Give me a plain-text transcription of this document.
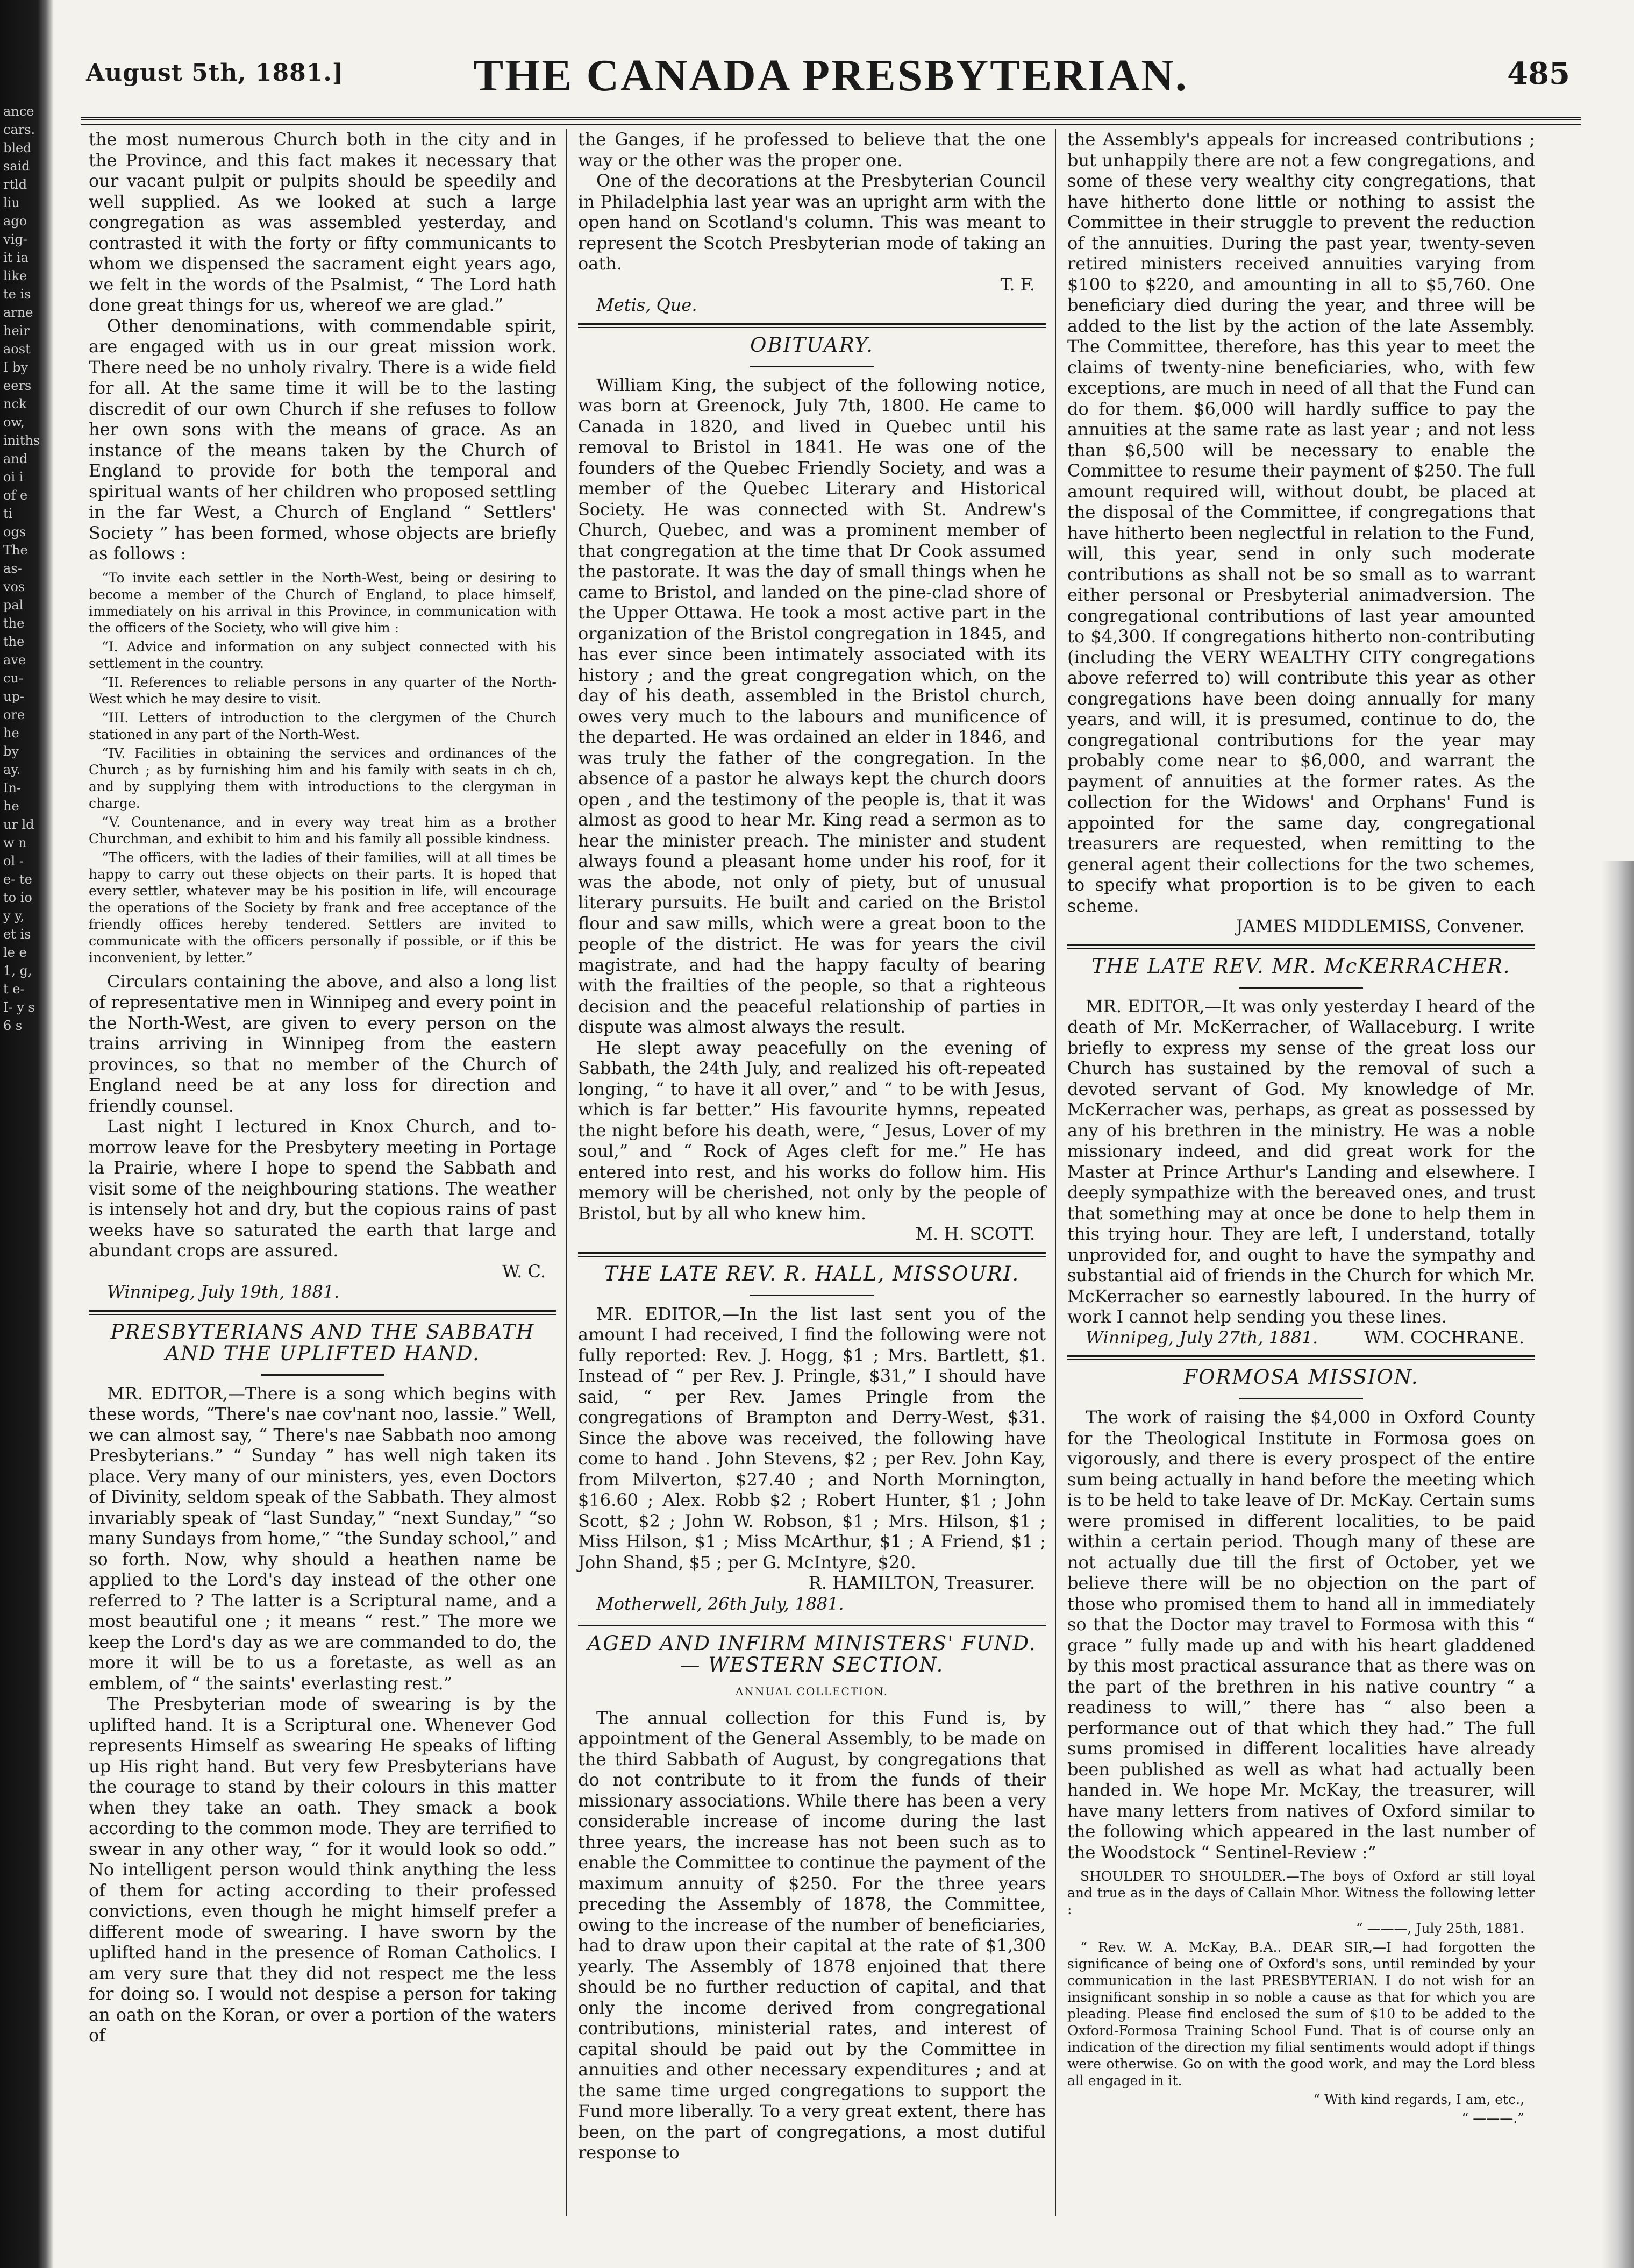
ance cars. bled said rtld liu ago vig- it ia like te is arne heir aost I by eers nck ow, iniths and oi i of e ti ogs The as- vos pal the the ave cu- up- ore he by ay. In- he ur ld w n ol -e- te to io y y, et is le e 1, g, t e- I- y s 6 s
August 5th, 1881.]	THE CANADA PRESBYTERIAN.	485

the most numerous Church both in the city and in the Province, and this fact makes it necessary that our vacant pulpit or pulpits should be speedily and well supplied. As we looked at such a large congregation as was assembled yesterday, and contrasted it with the forty or fifty communicants to whom we dispensed the sacrament eight years ago, we felt in the words of the Psalmist, “ The Lord hath done great things for us, whereof we are glad.”

Other denominations, with commendable spirit, are engaged with us in our great mission work. There need be no unholy rivalry. There is a wide field for all. At the same time it will be to the lasting discredit of our own Church if she refuses to follow her own sons with the means of grace. As an instance of the means taken by the Church of England to provide for both the temporal and spiritual wants of her children who proposed settling in the far West, a Church of England “ Settlers' Society ” has been formed, whose objects are briefly as follows :

“To invite each settler in the North-West, being or desiring to become a member of the Church of England, to place himself, immediately on his arrival in this Province, in communication with the officers of the Society, who will give him :

“I. Advice and information on any subject connected with his settlement in the country.

“II. References to reliable persons in any quarter of the North-West which he may desire to visit.

“III. Letters of introduction to the clergymen of the Church stationed in any part of the North-West.

“IV. Facilities in obtaining the services and ordinances of the Church ; as by furnishing him and his family with seats in ch ch, and by supplying them with introductions to the clergyman in charge.

“V. Countenance, and in every way treat him as a brother Churchman, and exhibit to him and his family all possible kindness.

“The officers, with the ladies of their families, will at all times be happy to carry out these objects on their parts. It is hoped that every settler, whatever may be his position in life, will encourage the operations of the Society by frank and free acceptance of the friendly offices hereby tendered. Settlers are invited to communicate with the officers personally if possible, or if this be inconvenient, by letter.”

Circulars containing the above, and also a long list of representative men in Winnipeg and every point in the North-West, are given to every person on the trains arriving in Winnipeg from the eastern provinces, so that no member of the Church of England need be at any loss for direction and friendly counsel.

Last night I lectured in Knox Church, and to-morrow leave for the Presbytery meeting in Portage la Prairie, where I hope to spend the Sabbath and visit some of the neighbouring stations. The weather is intensely hot and dry, but the copious rains of past weeks have so saturated the earth that large and abundant crops are assured.

W. C.
Winnipeg, July 19th, 1881.
PRESBYTERIANS AND THE SABBATH AND THE UPLIFTED HAND.

MR. EDITOR,—There is a song which begins with these words, “There's nae cov'nant noo, lassie.” Well, we can almost say, “ There's nae Sabbath noo among Presbyterians.” “ Sunday ” has well nigh taken its place. Very many of our ministers, yes, even Doctors of Divinity, seldom speak of the Sabbath. They almost invariably speak of “last Sunday,” “next Sunday,” “so many Sundays from home,” “the Sunday school,” and so forth. Now, why should a heathen name be applied to the Lord's day instead of the other one referred to ? The latter is a Scriptural name, and a most beautiful one ; it means “ rest.” The more we keep the Lord's day as we are commanded to do, the more it will be to us a foretaste, as well as an emblem, of “ the saints' everlasting rest.”

The Presbyterian mode of swearing is by the uplifted hand. It is a Scriptural one. Whenever God represents Himself as swearing He speaks of lifting up His right hand. But very few Presbyterians have the courage to stand by their colours in this matter when they take an oath. They smack a book according to the common mode. They are terrified to swear in any other way, “ for it would look so odd.” No intelligent person would think anything the less of them for acting according to their professed convictions, even though he might himself prefer a different mode of swearing. I have sworn by the uplifted hand in the presence of Roman Catholics. I am very sure that they did not respect me the less for doing so. I would not despise a person for taking an oath on the Koran, or over a portion of the waters of

the Ganges, if he professed to believe that the one way or the other was the proper one.

One of the decorations at the Presbyterian Council in Philadelphia last year was an upright arm with the open hand on Scotland's column. This was meant to represent the Scotch Presbyterian mode of taking an oath.

T. F.
Metis, Que.
OBITUARY.

William King, the subject of the following notice, was born at Greenock, July 7th, 1800. He came to Canada in 1820, and lived in Quebec until his removal to Bristol in 1841. He was one of the founders of the Quebec Friendly Society, and was a member of the Quebec Literary and Historical Society. He was connected with St. Andrew's Church, Quebec, and was a prominent member of that congregation at the time that Dr Cook assumed the pastorate. It was the day of small things when he came to Bristol, and landed on the pine-clad shore of the Upper Ottawa. He took a most active part in the organization of the Bristol congregation in 1845, and has ever since been intimately associated with its history ; and the great congregation which, on the day of his death, assembled in the Bristol church, owes very much to the labours and munificence of the departed. He was ordained an elder in 1846, and was truly the father of the congregation. In the absence of a pastor he always kept the church doors open , and the testimony of the people is, that it was almost as good to hear Mr. King read a sermon as to hear the minister preach. The minister and student always found a pleasant home under his roof, for it was the abode, not only of piety, but of unusual literary pursuits. He built and caried on the Bristol flour and saw mills, which were a great boon to the people of the district. He was for years the civil magistrate, and had the happy faculty of bearing with the frailties of the people, so that a righteous decision and the peaceful relationship of parties in dispute was almost always the result.

He slept away peacefully on the evening of Sabbath, the 24th July, and realized his oft-repeated longing, “ to have it all over,” and “ to be with Jesus, which is far better.” His favourite hymns, repeated the night before his death, were, “ Jesus, Lover of my soul,” and “ Rock of Ages cleft for me.” He has entered into rest, and his works do follow him. His memory will be cherished, not only by the people of Bristol, but by all who knew him.

M. H. SCOTT.
THE LATE REV. R. HALL, MISSOURI.

MR. EDITOR,—In the list last sent you of the amount I had received, I find the following were not fully reported: Rev. J. Hogg, $1 ; Mrs. Bartlett, $1. Instead of “ per Rev. J. Pringle, $31,” I should have said, “ per Rev. James Pringle from the congregations of Brampton and Derry-West, $31. Since the above was received, the following have come to hand . John Stevens, $2 ; per Rev. John Kay, from Milverton, $27.40 ; and North Mornington, $16.60 ; Alex. Robb $2 ; Robert Hunter, $1 ; John Scott, $2 ; John W. Robson, $1 ; Mrs. Hilson, $1 ; Miss Hilson, $1 ; Miss McArthur, $1 ; A Friend, $1 ; John Shand, $5 ; per G. McIntyre, $20.

R. HAMILTON, Treasurer.
Motherwell, 26th July, 1881.
AGED AND INFIRM MINISTERS' FUND.— WESTERN SECTION.
ANNUAL COLLECTION.

The annual collection for this Fund is, by appointment of the General Assembly, to be made on the third Sabbath of August, by congregations that do not contribute to it from the funds of their missionary associations. While there has been a very considerable increase of income during the last three years, the increase has not been such as to enable the Committee to continue the payment of the maximum annuity of $250. For the three years preceding the Assembly of 1878, the Committee, owing to the increase of the number of beneficiaries, had to draw upon their capital at the rate of $1,300 yearly. The Assembly of 1878 enjoined that there should be no further reduction of capital, and that only the income derived from congregational contributions, ministerial rates, and interest of capital should be paid out by the Committee in annuities and other necessary expenditures ; and at the same time urged congregations to support the Fund more liberally. To a very great extent, there has been, on the part of congregations, a most dutiful response to

the Assembly's appeals for increased contributions ; but unhappily there are not a few congregations, and some of these very wealthy city congregations, that have hitherto done little or nothing to assist the Committee in their struggle to prevent the reduction of the annuities. During the past year, twenty-seven retired ministers received annuities varying from $100 to $220, and amounting in all to $5,760. One beneficiary died during the year, and three will be added to the list by the action of the late Assembly. The Committee, therefore, has this year to meet the claims of twenty-nine beneficiaries, who, with few exceptions, are much in need of all that the Fund can do for them. $6,000 will hardly suffice to pay the annuities at the same rate as last year ; and not less than $6,500 will be necessary to enable the Committee to resume their payment of $250. The full amount required will, without doubt, be placed at the disposal of the Committee, if congregations that have hitherto been neglectful in relation to the Fund, will, this year, send in only such moderate contributions as shall not be so small as to warrant either personal or Presbyterial animadversion. The congregational contributions of last year amounted to $4,300. If congregations hitherto non-contributing (including the VERY WEALTHY CITY congregations above referred to) will contribute this year as other congregations have been doing annually for many years, and will, it is presumed, continue to do, the congregational contributions for the year may probably come near to $6,000, and warrant the payment of annuities at the former rates. As the collection for the Widows' and Orphans' Fund is appointed for the same day, congregational treasurers are requested, when remitting to the general agent their collections for the two schemes, to specify what proportion is to be given to each scheme.

JAMES MIDDLEMISS, Convener.
THE LATE REV. MR. McKERRACHER.

MR. EDITOR,—It was only yesterday I heard of the death of Mr. McKerracher, of Wallaceburg. I write briefly to express my sense of the great loss our Church has sustained by the removal of such a devoted servant of God. My knowledge of Mr. McKerracher was, perhaps, as great as possessed by any of his brethren in the ministry. He was a noble missionary indeed, and did great work for the Master at Prince Arthur's Landing and elsewhere. I deeply sympathize with the bereaved ones, and trust that something may at once be done to help them in this trying hour. They are left, I understand, totally unprovided for, and ought to have the sympathy and substantial aid of friends in the Church for which Mr. McKerracher so earnestly laboured. In the hurry of work I cannot help sending you these lines.

Winnipeg, July 27th, 1881.	WM. COCHRANE.
FORMOSA MISSION.

The work of raising the $4,000 in Oxford County for the Theological Institute in Formosa goes on vigorously, and there is every prospect of the entire sum being actually in hand before the meeting which is to be held to take leave of Dr. McKay. Certain sums were promised in different localities, to be paid within a certain period. Though many of these are not actually due till the first of October, yet we believe there will be no objection on the part of those who promised them to hand all in immediately so that the Doctor may travel to Formosa with this “ grace ” fully made up and with his heart gladdened by this most practical assurance that as there was on the part of the brethren in his native country “ a readiness to will,” there has “ also been a performance out of that which they had.” The full sums promised in different localities have already been published as well as what had actually been handed in. We hope Mr. McKay, the treasurer, will have many letters from natives of Oxford similar to the following which appeared in the last number of the Woodstock “ Sentinel-Review :”

SHOULDER TO SHOULDER.—The boys of Oxford ar still loyal and true as in the days of Callain Mhor. Witness the following letter :

“ ———, July 25th, 1881.

“ Rev. W. A. McKay, B.A.. DEAR SIR,—I had forgotten the significance of being one of Oxford's sons, until reminded by your communication in the last PRESBYTERIAN. I do not wish for an insignificant sonship in so noble a cause as that for which you are pleading. Please find enclosed the sum of $10 to be added to the Oxford-Formosa Training School Fund. That is of course only an indication of the direction my filial sentiments would adopt if things were otherwise. Go on with the good work, and may the Lord bless all engaged in it.

“ With kind regards, I am, etc.,

“ ———.”
